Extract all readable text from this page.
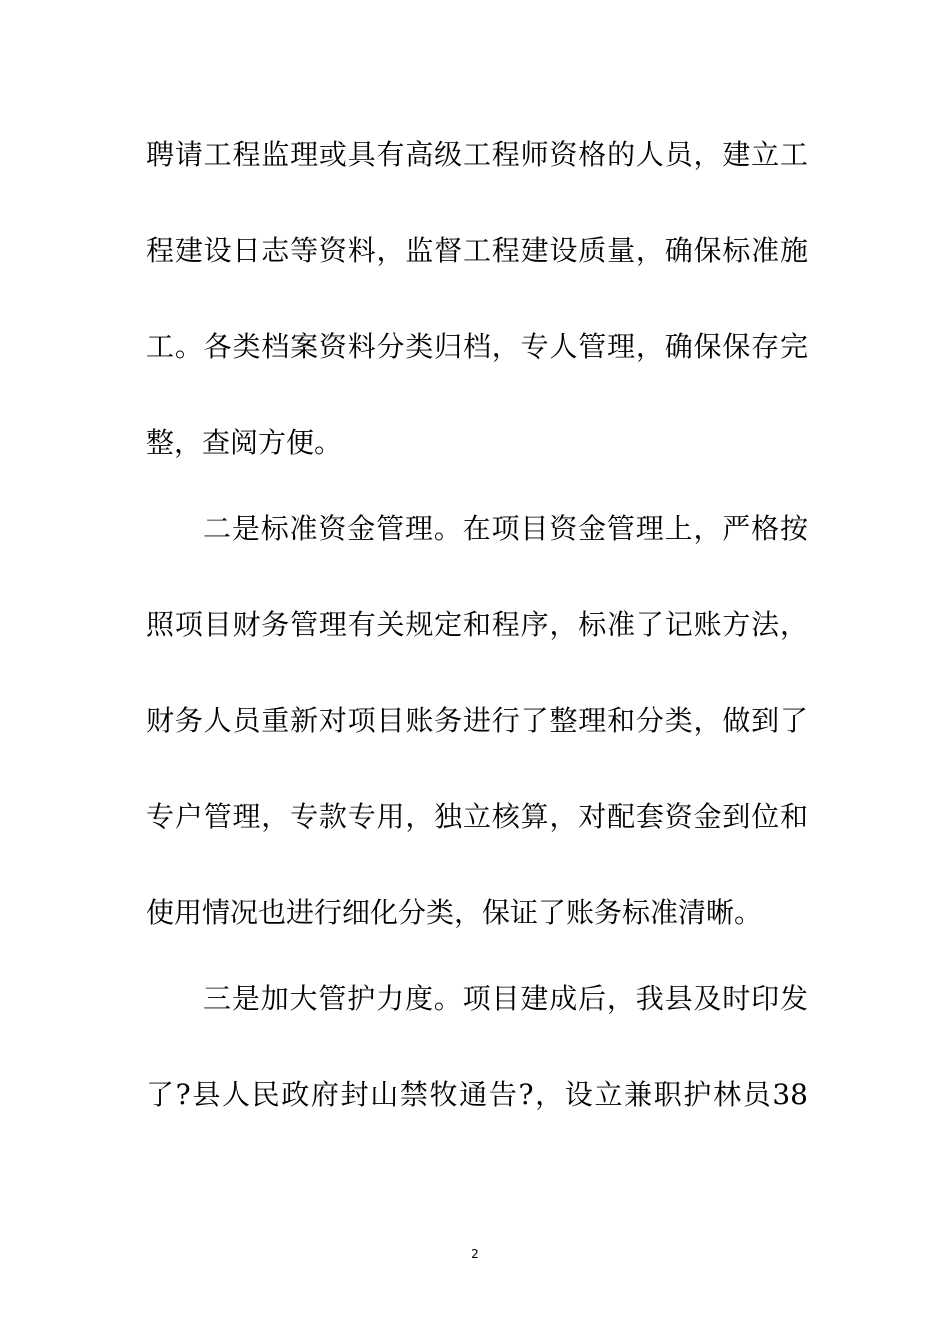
聘请工程监理或具有高级工程师资格的人员，建立工
程建设日志等资料，监督工程建设质量，确保标准施
工。各类档案资料分类归档，专人管理，确保保存完
整，查阅方便。
二是标准资金管理。在项目资金管理上，严格按
照项目财务管理有关规定和程序，标准了记账方法，
财务人员重新对项目账务进行了整理和分类，做到了
专户管理，专款专用，独立核算，对配套资金到位和
使用情况也进行细化分类，保证了账务标准清晰。
三是加大管护力度。项目建成后，我县及时印发
了?县人民政府封山禁牧通告?，设立兼职护林员38
2
